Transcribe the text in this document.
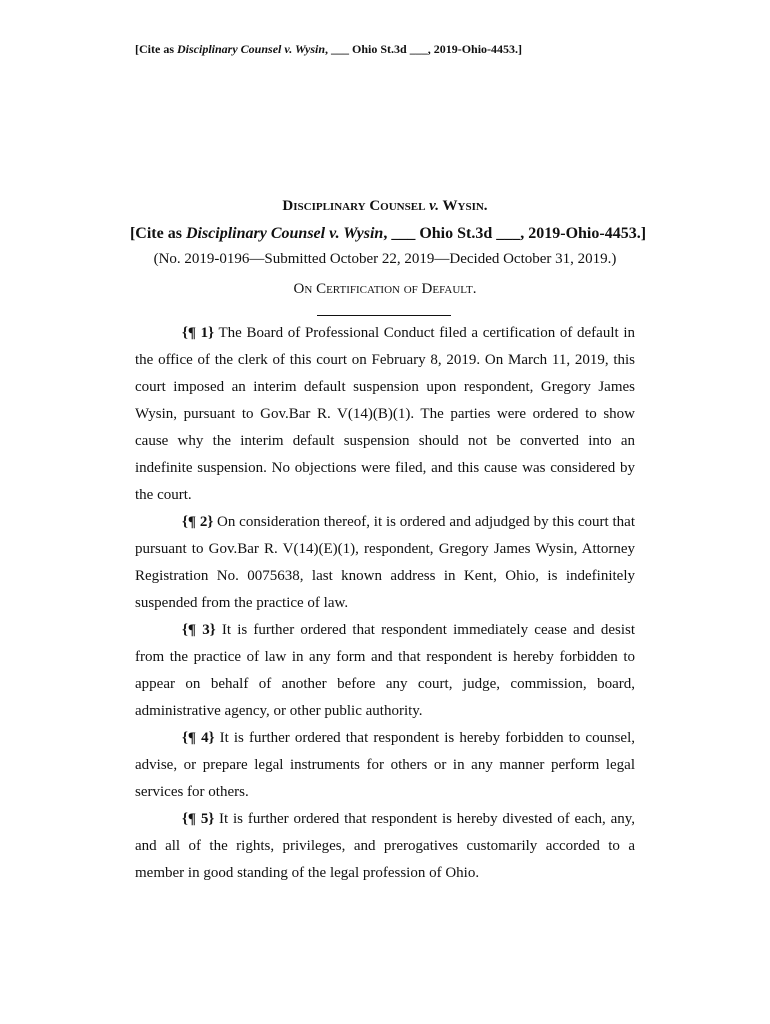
[Cite as Disciplinary Counsel v. Wysin, ___ Ohio St.3d ___, 2019-Ohio-4453.]
Disciplinary Counsel v. Wysin.
[Cite as Disciplinary Counsel v. Wysin, ___ Ohio St.3d ___, 2019-Ohio-4453.]
(No. 2019-0196—Submitted October 22, 2019—Decided October 31, 2019.)
On Certification of Default.

{¶ 1} The Board of Professional Conduct filed a certification of default in the office of the clerk of this court on February 8, 2019. On March 11, 2019, this court imposed an interim default suspension upon respondent, Gregory James Wysin, pursuant to Gov.Bar R. V(14)(B)(1). The parties were ordered to show cause why the interim default suspension should not be converted into an indefinite suspension. No objections were filed, and this cause was considered by the court.

{¶ 2} On consideration thereof, it is ordered and adjudged by this court that pursuant to Gov.Bar R. V(14)(E)(1), respondent, Gregory James Wysin, Attorney Registration No. 0075638, last known address in Kent, Ohio, is indefinitely suspended from the practice of law.

{¶ 3} It is further ordered that respondent immediately cease and desist from the practice of law in any form and that respondent is hereby forbidden to appear on behalf of another before any court, judge, commission, board, administrative agency, or other public authority.

{¶ 4} It is further ordered that respondent is hereby forbidden to counsel, advise, or prepare legal instruments for others or in any manner perform legal services for others.

{¶ 5} It is further ordered that respondent is hereby divested of each, any, and all of the rights, privileges, and prerogatives customarily accorded to a member in good standing of the legal profession of Ohio.
